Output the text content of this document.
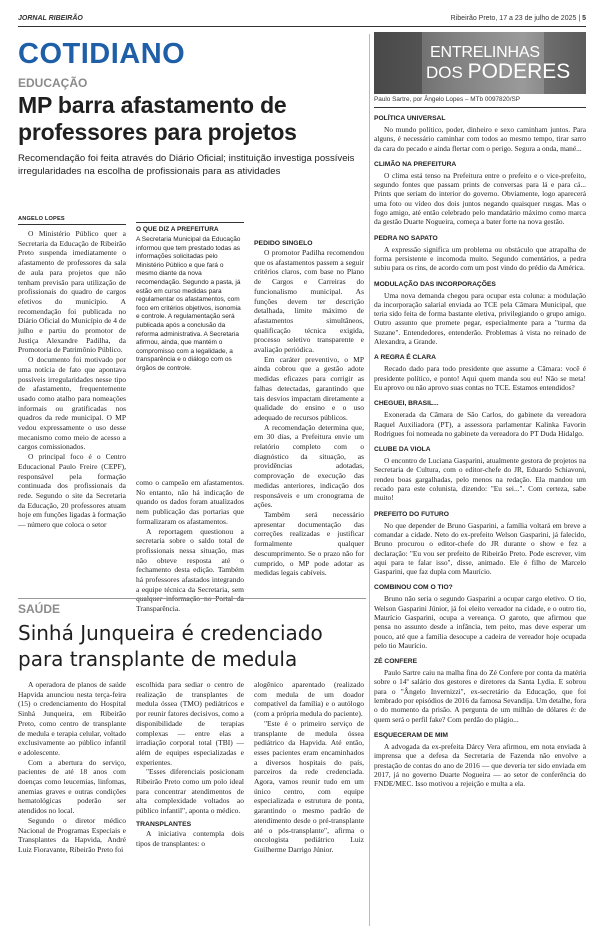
JORNAL RIBEIRÃO	Ribeirão Preto, 17 a 23 de julho de 2025 | 5
COTIDIANO
EDUCAÇÃO
MP barra afastamento de professores para projetos
Recomendação foi feita através do Diário Oficial; instituição investiga possíveis irregularidades na escolha de profissionais para as atividades
ANGELO LOPES

O Ministério Público quer a Secretaria da Educação de Ribeirão Preto suspenda imediatamente o afastamento de professores da sala de aula para projetos que não tenham previsão para utilização de profissionais do quadro de cargos efetivos do município. A recomendação foi publicada no Diário Oficial do Município de 4 de julho e partiu do promotor de Justiça Alexandre Padilha, da Promotoria de Patrimônio Público.

O documento foi motivado por uma notícia de fato que apontava possíveis irregularidades nesse tipo de afastamento, frequentemente usado como atalho para nomeações informais ou gratificadas nos quadros da rede municipal. O MP vedou expressamente o uso desse mecanismo como meio de acesso a cargos comissionados.

O principal foco é o Centro Educacional Paulo Freire (CEPF), responsável pela formação continuada dos profissionais da rede. Segundo o site da Secretaria da Educação, 20 professores atuam hoje em funções ligadas à formação — número que coloca o setor

O QUE DIZ A PREFEITURA

A Secretaria Municipal da Educação informou que tem prestado todas as informações solicitadas pelo Ministério Público e que fará o mesmo diante da nova recomendação. Segundo a pasta, já estão em curso medidas para regulamentar os afastamentos, com foco em critérios objetivos, isonomia e controle. A regulamentação será publicada após a conclusão da reforma administrativa. A Secretaria afirmou, ainda, que mantém o compromisso com a legalidade, a transparência e o diálogo com os órgãos de controle.

como o campeão em afastamentos. No entanto, não há indicação de quando os dados foram atualizados nem publicação das portarias que formalizaram os afastamentos.

A reportagem questionou a secretaria sobre o saldo total de profissionais nessa situação, mas não obteve resposta até o fechamento desta edição. Também há professores afastados integrando a equipe técnica da Secretaria, sem Transparência.

PEDIDO SINGELO

O promotor Padilha recomendou que os afastamentos passem a seguir critérios claros, com base no Plano de Cargos e Carreiras do funcionalismo municipal. As funções devem ter descrição detalhada, limite máximo de afastamentos simultâneos, qualificação técnica exigida, processo seletivo transparente e avaliação periódica.

Em caráter preventivo, o MP ainda cobrou que a gestão adote medidas eficazes para corrigir as falhas detectadas, garantindo que tais desvios impactam diretamente a qualidade do ensino e o uso adequado de recursos públicos.

A recomendação determina que, em 30 dias, a Prefeitura envie um relatório completo com o diagnóstico da situação, as providências adotadas, comprovação de execução das medidas anteriores, indicação dos responsáveis e um cronograma de ações.

Também será necessário apresentar documentação das correções realizadas e justificar formalmente qualquer descumprimento. Se o prazo não for cumprido, o MP pode adotar as medidas legais cabíveis.

SAÚDE
Sinhá Junqueira é credenciado para transplante de medula

A operadora de planos de saúde Hapvida anunciou nesta terça-feira (15) o credenciamento do Hospital Sinhá Junqueira, em Ribeirão Preto, como centro de transplante de medula e terapia celular, voltado exclusivamente ao público infantil e adolescente.

Com a abertura do serviço, pacientes de até 18 anos com doenças como leucemias, linfomas, anemias graves e outras condições hematológicas poderão ser atendidos no local.

Segundo o diretor médico Nacional de Programas Especiais e Transplantes da Hapvida, André Luiz Fioravante, Ribeirão Preto foi

escolhida para sediar o centro de realização de transplantes de medula óssea (TMO) pediátricos e por reunir fatores decisivos, como a disponibilidade de terapias complexas — entre elas a irradiação corporal total (TBI) — além de equipes especializadas e experientes.

"Esses diferenciais posicionam Ribeirão Preto como um polo ideal para concentrar atendimentos de alta complexidade voltados ao público infantil", aponta o médico.

TRANSPLANTES

A iniciativa contempla dois tipos de transplantes: o

alogênico aparentado (realizado com medula de um doador compatível da família) e o autólogo (com a própria medula do paciente).

"Este é o primeiro serviço de transplante de medula óssea pediátrico da Hapvida. Até então, esses pacientes eram encaminhados a diversos hospitais do país, parceiros da rede credenciada. Agora, vamos reunir tudo em um único centro, com equipe especializada e estrutura de ponta, garantindo o mesmo padrão de atendimento desde o pré-transplante até o pós-transplante", afirma o oncologista pediátrico Luiz Guilherme Darrigo Júnior.

ENTRELINHAS
DOS PODERES
Paulo Sartre, por Ângelo Lopes – MTb 0097820/SP
POLÍTICA UNIVERSAL

No mundo político, poder, dinheiro e sexo caminham juntos. Para alguns, é necessário caminhar com todos ao mesmo tempo, tirar sarro da cara do pecado e ainda flertar com o perigo. Segura a onda, mané...

CLIMÃO NA PREFEITURA

O clima está tenso na Prefeitura entre o prefeito e o vice-prefeito, segundo fontes que passam prints de conversas para lá e para cá... Prints que seriam do interior do governo. Obviamente, logo aparecerá uma foto ou vídeo dos dois juntos negando quaisquer rusgas. Mas o fogo amigo, até então celebrado pelo mandatário máximo como marca da gestão Duarte Nogueira, começa a bater forte na nova gestão.

PEDRA NO SAPATO

A expressão significa um problema ou obstáculo que atrapalha de forma persistente e incomoda muito. Segundo comentários, a pedra subiu para os rins, de acordo com um post vindo do prédio da América.

MODULAÇÃO DAS INCORPORAÇÕES

Uma nova demanda chegou para ocupar esta coluna: a modulação da incorporação salarial enviada ao TCE pela Câmara Municipal, que teria sido feita de forma bastante eletiva, privilegiando o grupo amigo. Outro assunto que promete pegar, especialmente para a "turma da Suzane". Entendedores, entenderão. Problemas à vista no reinado de Alexandra, a Grande.

A REGRA É CLARA

Recado dado para todo presidente que assume a Câmara: você é presidente político, e ponto! Aqui quem manda sou eu! Não se meta! Eu aprovo ou não aprovo suas contas no TCE. Estamos entendidos?

CHEGUEI, BRASIL...

Exonerada da Câmara de São Carlos, do gabinete da vereadora Raquel Auxiliadora (PT), a assessora parlamentar Kalinka Favorin Rodrigues foi nomeada no gabinete da vereadora do PT Duda Hidalgo.

CLUBE DA VIOLA

O encontro de Luciana Gasparini, atualmente gestora de projetos na Secretaria de Cultura, com o editor-chefe do JR, Eduardo Schiavoni, rendeu boas gargalhadas, pelo menos na redação. Ela mandou um recado para este colunista, dizendo: "Eu sei...". Com certeza, sabe muito!

PREFEITO DO FUTURO

No que depender de Bruno Gasparini, a família voltará em breve a comandar a cidade. Neto do ex-prefeito Welson Gasparini, já falecido, Bruno procurou o editor-chefe do JR durante o show e fez a declaração: "Eu vou ser prefeito de Ribeirão Preto. Pode escrever, vim aqui para te falar isso", disse, animado. Ele é filho de Marcelo Gasparini, que faz dupla com Maurício.

COMBINOU COM O TIO?

Bruno não seria o segundo Gasparini a ocupar cargo eletivo. O tio, Welson Gasparini Júnior, já foi eleito vereador na cidade, e o outro tio, Maurício Gasparini, ocupa a vereança. O garoto, que afirmou que pensa no assunto desde a infância, tem peito, mas deve esperar um pouco, até que a família desocupe a cadeira de vereador hoje ocupada pelo tio Maurício.

ZÉ CONFERE

Paulo Sartre caiu na malha fina do Zé Confere por conta da matéria sobre o 14º salário dos gestores e diretores da Santa Lydia. E sobrou para o "Ângelo Invernizzi", ex-secretário da Educação, que foi lembrado por episódios de 2016 da famosa Sevandija. Um detalhe, fora o do momento da prisão. A pergunta de um milhão de dólares é: de quem será o perfil fake? Com perdão do plágio...

ESQUECERAM DE MIM

A advogada da ex-prefeita Dárcy Vera afirmou, em nota enviada à imprensa que a defesa da Secretaria de Fazenda não envolve a prestação de contas do ano de 2016 — que deveria ter sido enviada em 2017, já no governo Duarte Nogueira — ao setor de conferência do FNDE/MEC. Isso motivou a rejeição e multa a ela.
